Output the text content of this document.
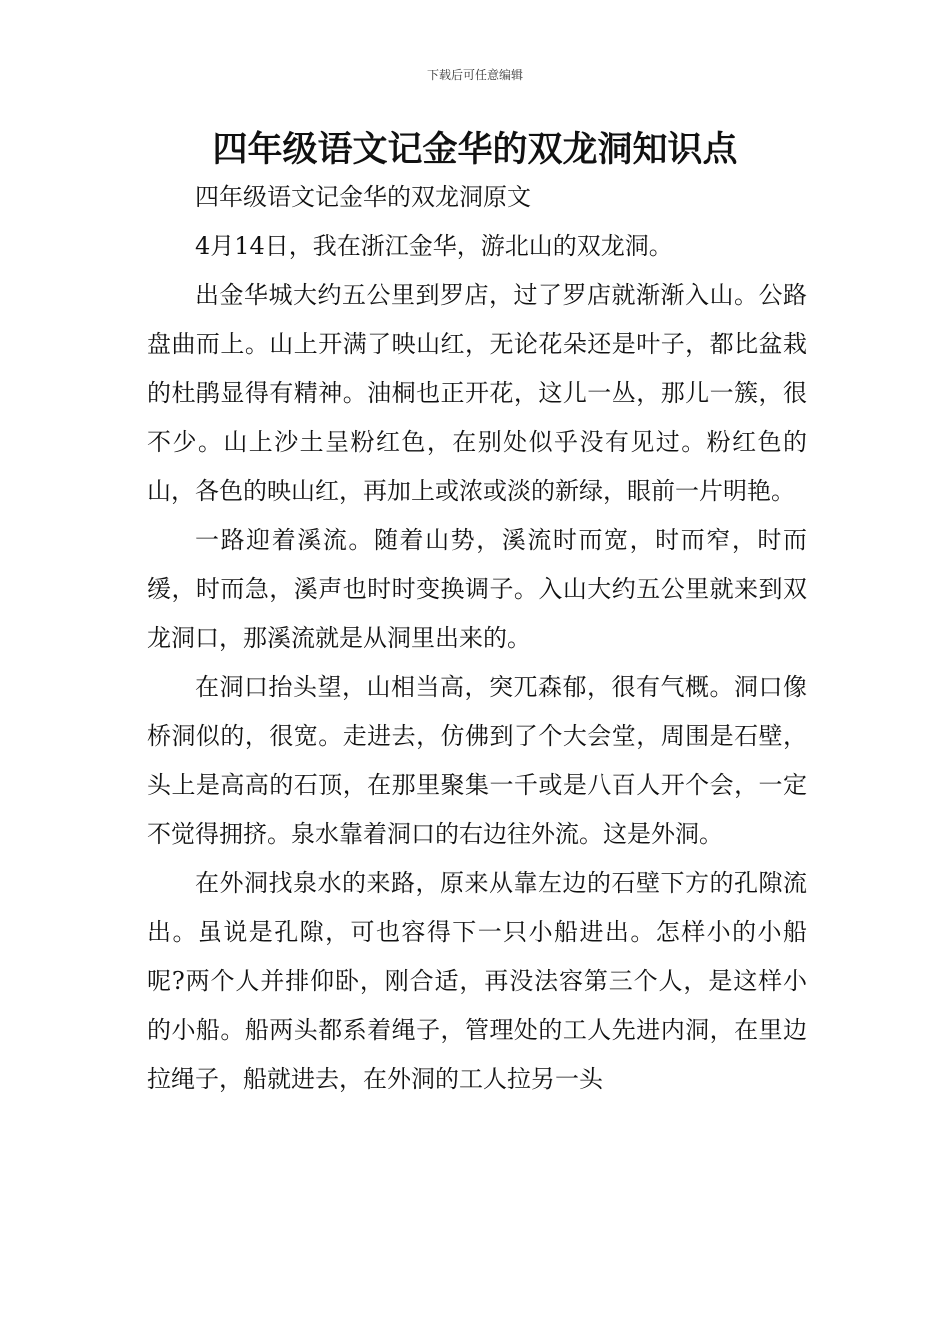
下载后可任意编辑
四年级语文记金华的双龙洞知识点

四年级语文记金华的双龙洞原文

4月14日，我在浙江金华，游北山的双龙洞。

出金华城大约五公里到罗店，过了罗店就渐渐入山。公路盘曲而上。山上开满了映山红，无论花朵还是叶子，都比盆栽的杜鹃显得有精神。油桐也正开花，这儿一丛，那儿一簇，很不少。山上沙土呈粉红色，在别处似乎没有见过。粉红色的山，各色的映山红，再加上或浓或淡的新绿，眼前一片明艳。

一路迎着溪流。随着山势，溪流时而宽，时而窄，时而缓，时而急，溪声也时时变换调子。入山大约五公里就来到双龙洞口，那溪流就是从洞里出来的。

在洞口抬头望，山相当高，突兀森郁，很有气概。洞口像桥洞似的，很宽。走进去，仿佛到了个大会堂，周围是石壁，头上是高高的石顶，在那里聚集一千或是八百人开个会，一定不觉得拥挤。泉水靠着洞口的右边往外流。这是外洞。

在外洞找泉水的来路，原来从靠左边的石壁下方的孔隙流出。虽说是孔隙，可也容得下一只小船进出。怎样小的小船呢?两个人并排仰卧，刚合适，再没法容第三个人，是这样小的小船。船两头都系着绳子，管理处的工人先进内洞，在里边拉绳子，船就进去，在外洞的工人拉另一头
